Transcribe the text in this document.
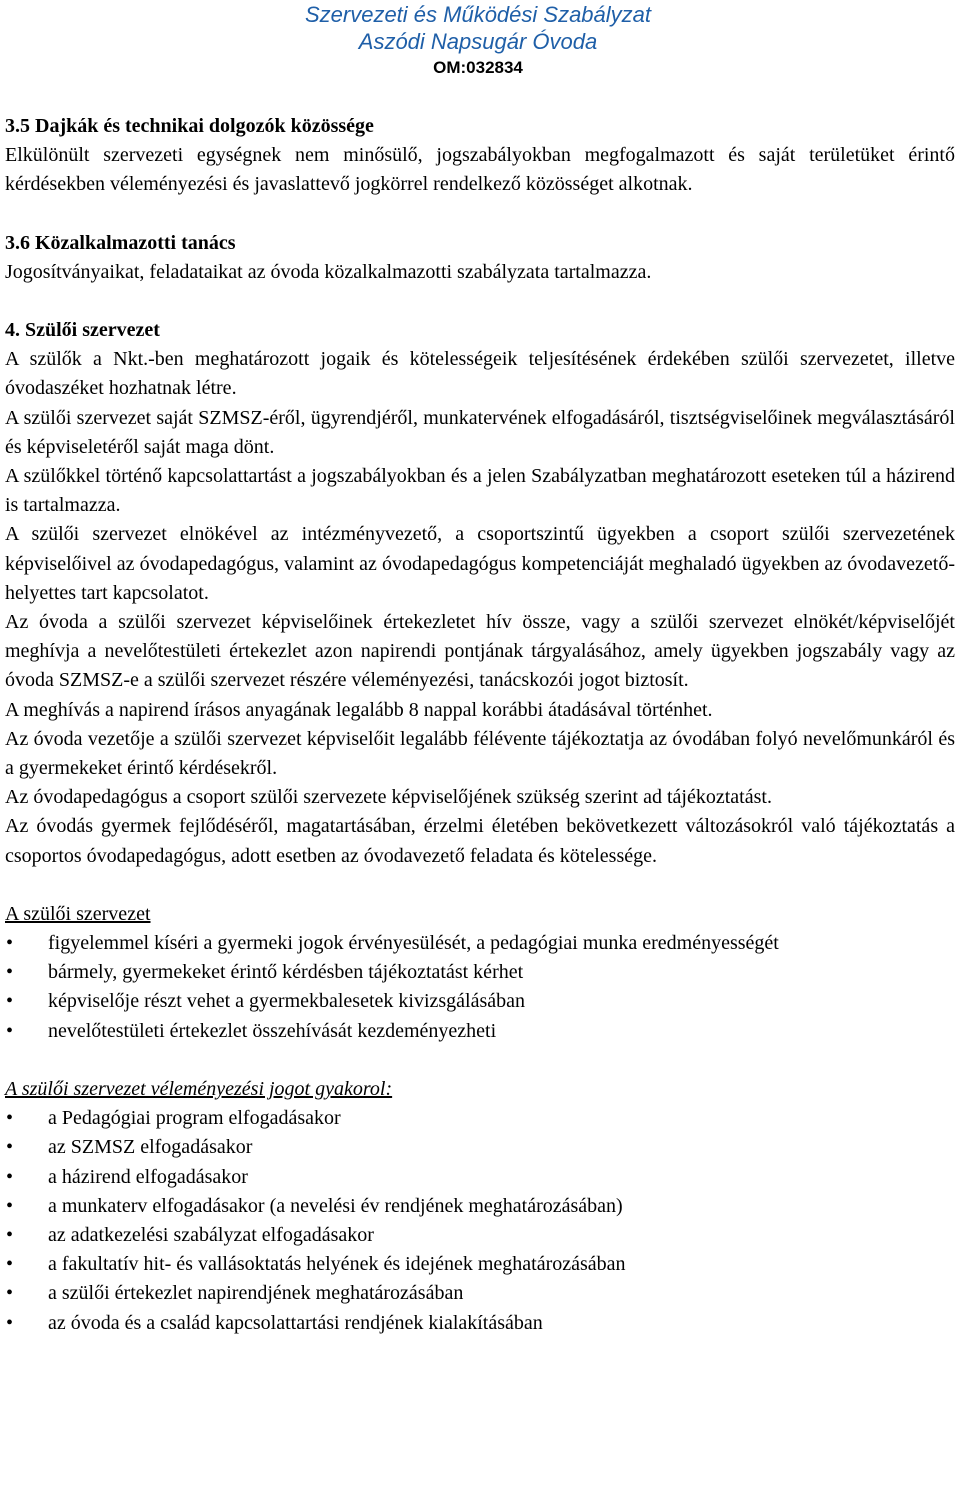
Szervezeti és Működési Szabályzat
Aszódi Napsugár Óvoda
OM:032834
3.5 Dajkák és technikai dolgozók közössége

Elkülönült szervezeti egységnek nem minősülő, jogszabályokban megfogalmazott és saját területüket érintő kérdésekben véleményezési és javaslattevő jogkörrel rendelkező közösséget alkotnak.

3.6 Közalkalmazotti tanács

Jogosítványaikat, feladataikat az óvoda közalkalmazotti szabályzata tartalmazza.

4. Szülői szervezet

A szülők a Nkt.-ben meghatározott jogaik és kötelességeik teljesítésének érdekében szülői szervezetet, illetve óvodaszéket hozhatnak létre.

A szülői szervezet saját SZMSZ-éről, ügyrendjéről, munkatervének elfogadásáról, tisztségviselőinek megválasztásáról és képviseletéről saját maga dönt.

A szülőkkel történő kapcsolattartást a jogszabályokban és a jelen Szabályzatban meghatározott eseteken túl a házirend is tartalmazza.

A szülői szervezet elnökével az intézményvezető, a csoportszintű ügyekben a csoport szülői szervezetének képviselőivel az óvodapedagógus, valamint az óvodapedagógus kompetenciáját meghaladó ügyekben az óvodavezető-helyettes tart kapcsolatot.

Az óvoda a szülői szervezet képviselőinek értekezletet hív össze, vagy a szülői szervezet elnökét/képviselőjét meghívja a nevelőtestületi értekezlet azon napirendi pontjának tárgyalásához, amely ügyekben jogszabály vagy az óvoda SZMSZ-e a szülői szervezet részére véleményezési, tanácskozói jogot biztosít.

A meghívás a napirend írásos anyagának legalább 8 nappal korábbi átadásával történhet.

Az óvoda vezetője a szülői szervezet képviselőit legalább félévente tájékoztatja az óvodában folyó nevelőmunkáról és a gyermekeket érintő kérdésekről.

Az óvodapedagógus a csoport szülői szervezete képviselőjének szükség szerint ad tájékoztatást.

Az óvodás gyermek fejlődéséről, magatartásában, érzelmi életében bekövetkezett változásokról való tájékoztatás a csoportos óvodapedagógus, adott esetben az óvodavezető feladata és kötelessége.

A szülői szervezet

• figyelemmel kíséri a gyermeki jogok érvényesülését, a pedagógiai munka eredményességét
• bármely, gyermekeket érintő kérdésben tájékoztatást kérhet
• képviselője részt vehet a gyermekbalesetek kivizsgálásában
• nevelőtestületi értekezlet összehívását kezdeményezheti

A szülői szervezet véleményezési jogot gyakorol:

• a Pedagógiai program elfogadásakor
• az SZMSZ elfogadásakor
• a házirend elfogadásakor
• a munkaterv elfogadásakor (a nevelési év rendjének meghatározásában)
• az adatkezelési szabályzat elfogadásakor
• a fakultatív hit- és vallásoktatás helyének és idejének meghatározásában
• a szülői értekezlet napirendjének meghatározásában
• az óvoda és a család kapcsolattartási rendjének kialakításában
